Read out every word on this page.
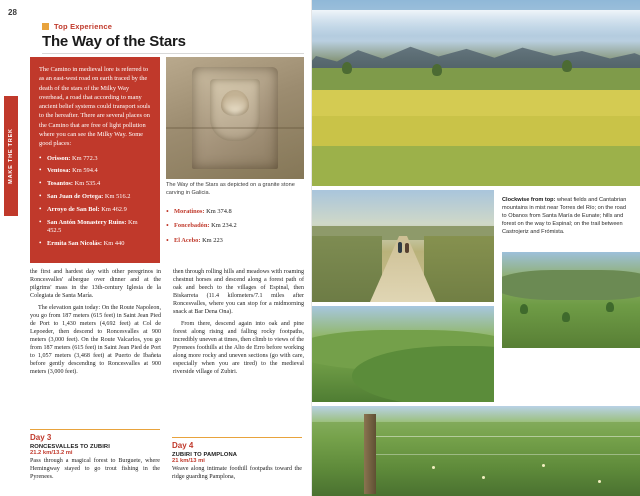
28
MAKE THE TREK
Top Experience
The Way of the Stars

The Camino in medieval lore is referred to as an east-west road on earth traced by the death of the stars of the Milky Way overhead, a road that according to many ancient belief systems could transport souls to the hereafter. There are several places on the Camino that are free of light pollution where you can see the Milky Way. Some good places:

• Orisson: Km 772.3
• Ventosa: Km 594.4
• Tosantos: Km 535.4
• San Juan de Ortega: Km 516.2
• Arroyo de San Bol: Km 462.9
• San Antón Monastery Ruins: Km 452.5
• Ermita San Nicolás: Km 440
The Way of the Stars as depicted on a granite stone carving in Galicia.
• Moratinos: Km 374.8
• Foncebadón: Km 234.2
• El Acebo: Km 223

the first and hardest day with other peregrinos in Roncesvalles' albergue over dinner and at the pilgrims' mass in the 13th-century Iglesia de la Colegiata de Santa María.

The elevation gain today: On the Route Napoleon, you go from 187 meters (615 feet) in Saint Jean Pied de Port to 1,430 meters (4,692 feet) at Col de Lepoeder, then descend to Roncesvalles at 900 meters (3,000 feet). On the Route Valcarlos, you go from 187 meters (615 feet) in Saint Jean Pied de Port to 1,057 meters (3,468 feet) at Puerto de Ibañeta before gently descending to Roncesvalles at 900 meters (3,000 feet).

then through rolling hills and meadows with roaming chestnut horses and descend along a forest path of oak and beech to the villages of Espinal, then Biskarreta (11.4 kilometers/7.1 miles after Roncesvalles, where you can stop for a midmorning snack at Bar Dena Ona).

From there, descend again into oak and pine forest along rising and falling rocky footpaths, incredibly uneven at times, then climb to views of the Pyrenees foothills at the Alto de Erro before working along more rocky and uneven sections (go with care, especially when you are tired) to the medieval riverside village of Zubiri.

Day 3
RONCESVALLES TO ZUBIRI
21.2 km/13.2 mi
Pass through a magical forest to Burguete, where Hemingway stayed to go trout fishing in the Pyrenees.
Day 4
ZUBIRI TO PAMPLONA
21 km/13 mi
Weave along intimate foothill footpaths toward the ridge guarding Pamplona,
Clockwise from top: wheat fields and Cantabrian mountains in mist near Torres del Río; on the road to Obanos from Santa María de Eunate; hills and forest on the way to Espinal; on the trail between Castrojeriz and Frómista.
